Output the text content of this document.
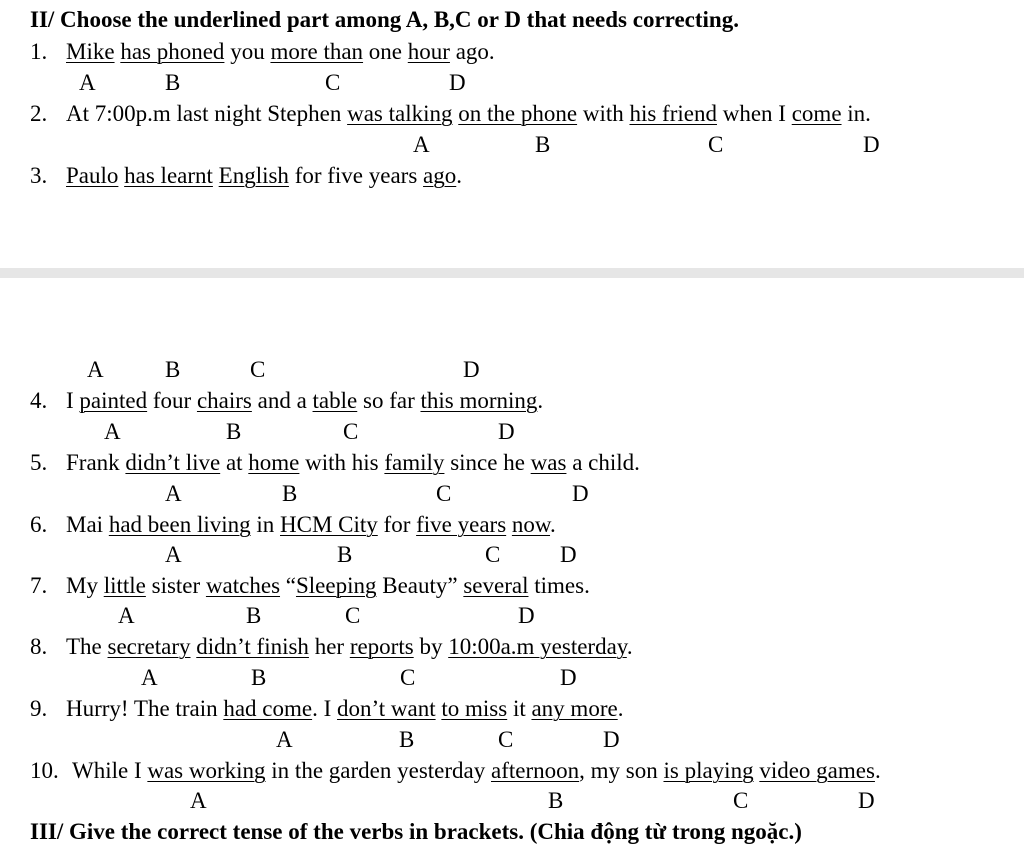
II/ Choose the underlined part among A, B,C or D that needs correcting.
1. Mike has phoned you more than one hour ago.
A	B	C	D
2. At 7:00p.m last night Stephen was talking on the phone with his friend when I come in.
A	B	C	D
3. Paulo has learnt English for five years ago.
A	B	C	D
4. I painted four chairs and a table so far this morning.
A	B	C	D
5. Frank didn’t live at home with his family since he was a child.
A	B	C	D
6. Mai had been living in HCM City for five years now.
A	B	C	D
7. My little sister watches “Sleeping Beauty” several times.
A	B	C	D
8. The secretary didn’t finish her reports by 10:00a.m yesterday.
A	B	C	D
9. Hurry! The train had come. I don’t want to miss it any more.
A	B	C	D
10. While I was working in the garden yesterday afternoon, my son is playing video games.
A	B	C	D
III/ Give the correct tense of the verbs in brackets. (Chia động từ trong ngoặc.)
